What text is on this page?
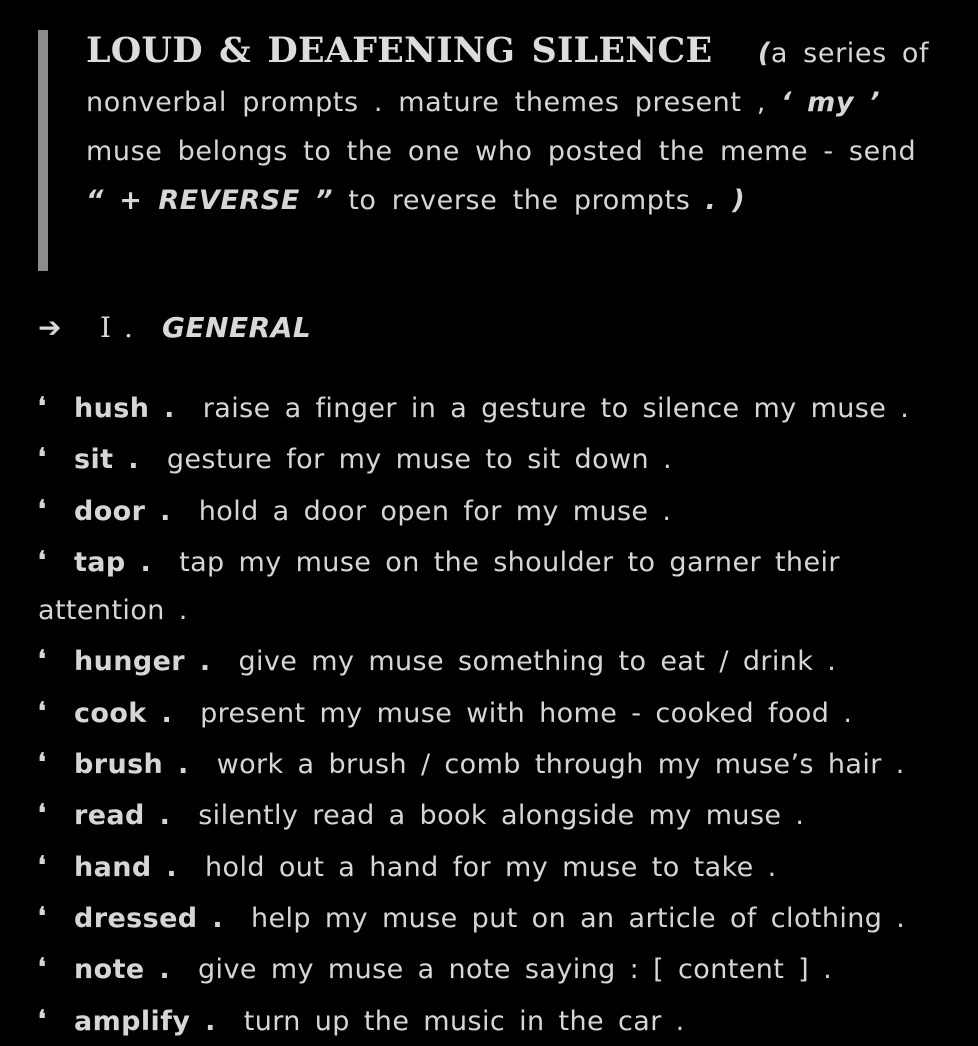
LOUD & DEAFENING SILENCE (a series of nonverbal prompts . mature themes present , ‘ my ’ muse belongs to the one who posted the meme - send “ + REVERSE ” to reverse the prompts . )
➔ I . GENERAL
❛ hush . raise a finger in a gesture to silence my muse .
❛ sit . gesture for my muse to sit down .
❛ door . hold a door open for my muse .
❛ tap . tap my muse on the shoulder to garner their attention .
❛ hunger . give my muse something to eat / drink .
❛ cook . present my muse with home - cooked food .
❛ brush . work a brush / comb through my muse’s hair .
❛ read . silently read a book alongside my muse .
❛ hand . hold out a hand for my muse to take .
❛ dressed . help my muse put on an article of clothing .
❛ note . give my muse a note saying : [ content ] .
❛ amplify . turn up the music in the car .
